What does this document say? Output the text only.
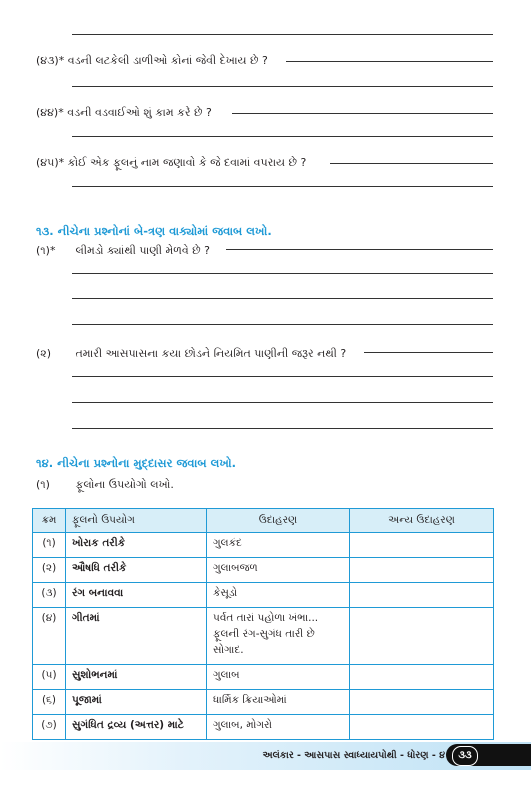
(૪૩)* વડની લટકેલી ડાળીઓ કોનાં જેવી દેખાય છે ?
(૪૪)* વડની વડવાઈઓ શું કામ કરે છે ?
(૪૫)* કોઈ એક ફૂલનું નામ જણાવો કે જે દવામાં વપરાય છે ?
૧૩. નીચેના પ્રશ્નોનાં બે-ત્રણ વાક્યોમાં જવાબ લખો.
(૧)* લીમડો ક્યાંથી પાણી મેળવે છે ?
(૨) તમારી આસપાસના કયા છોડને નિયમિત પાણીની જરૂર નથી ?
૧૪. નીચેના પ્રશ્નોના મુદ્દાસર જવાબ લખો.
(૧) ફૂલોના ઉપયોગો લખો.
ક્રમ	ફૂલનો ઉપયોગ	ઉદાહરણ	અન્ય ઉદાહરણ
(૧)	ખોરાક તરીકે	ગુલકંદ	
(૨)	ઔષધિ તરીકે	ગુલાબજળ	
(૩)	રંગ બનાવવા	કેસૂડો	
(૪)	ગીતમાં	પર્વત તારાં પહોળા ખંભા...
ફૂલની રંગ-સુગંધ તારી છે
સોગાદ.	
(૫)	સુશોભનમાં	ગુલાબ	
(૬)	પૂજામાં	ધાર્મિક ક્રિયાઓમાં	
(૭)	સુગંધિત દ્રવ્ય (અત્તર) માટે	ગુલાબ, મોગરો	
અલંકાર - આસપાસ સ્વાધ્યાયપોથી - ધોરણ - ૪	૩૩
